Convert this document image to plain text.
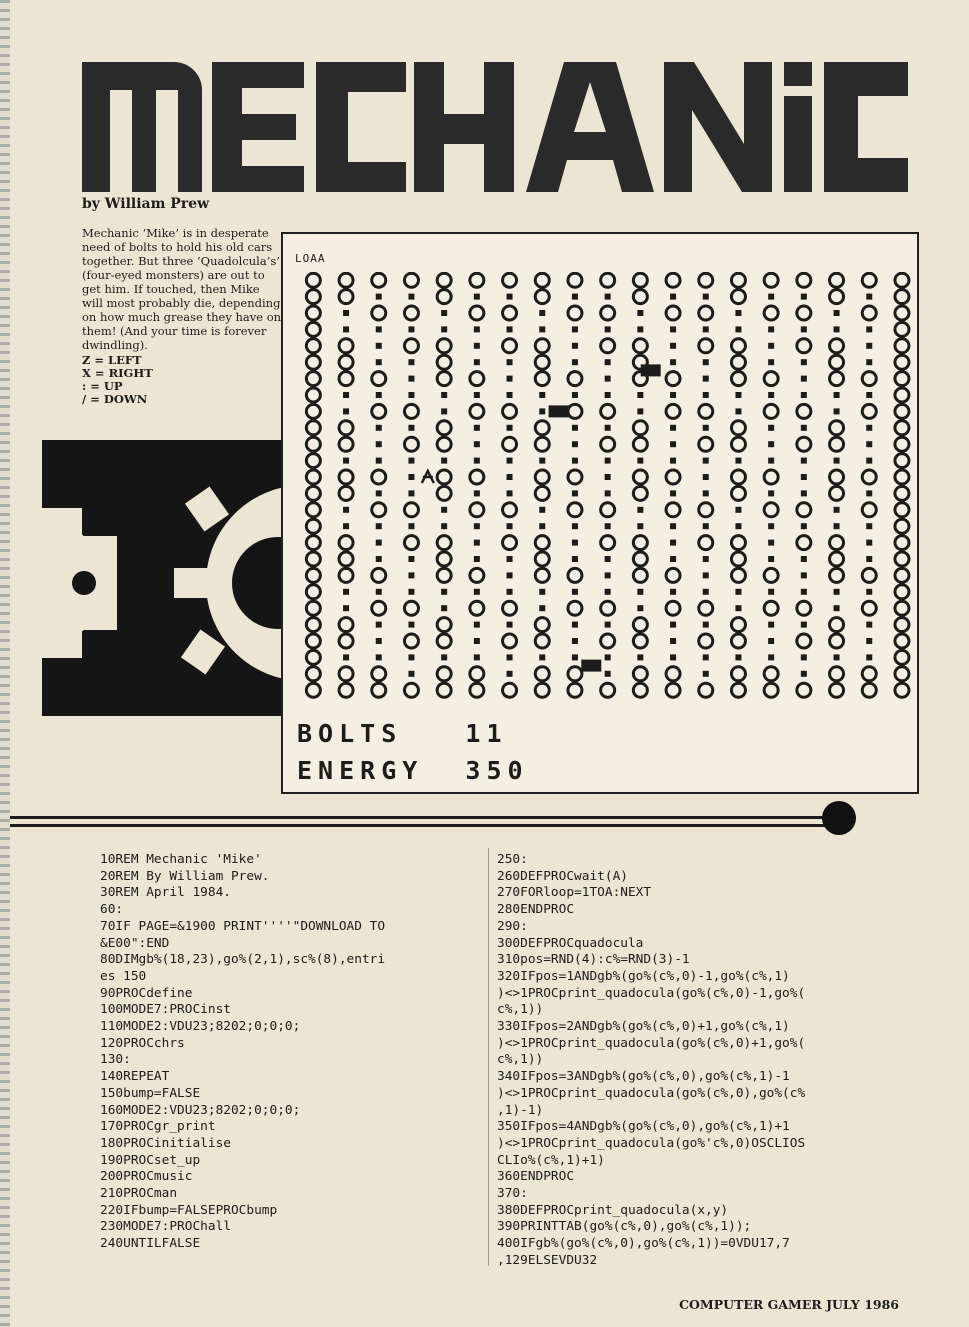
by William Prew

Mechanic ‘Mike’ is in desperate need of bolts to hold his old cars together. But three ‘Quadolcula’s’ (four-eyed monsters) are out to get him. If touched, then Mike will most probably die, depending on how much grease they have on them! (And your time is forever dwindling).

Z = LEFT
X = RIGHT
: = UP
/ = DOWN
LOAA
BOLTS	11
ENERGY 350
10REM Mechanic 'Mike'
20REM By William Prew.
30REM April 1984.
60:
70IF PAGE=&1900 PRINT''''"DOWNLOAD TO
&E00":END
80DIMgb%(18,23),go%(2,1),sc%(8),entri
es 150
90PROCdefine
100MODE7:PROCinst
110MODE2:VDU23;8202;0;0;0;
120PROCchrs
130:
140REPEAT
150bump=FALSE
160MODE2:VDU23;8202;0;0;0;
170PROCgr_print
180PROCinitialise
190PROCset_up
200PROCmusic
210PROCman
220IFbump=FALSEPROCbump
230MODE7:PROChall
240UNTILFALSE
250:
260DEFPROCwait(A)
270FORloop=1TOA:NEXT
280ENDPROC
290:
300DEFPROCquadocula
310pos=RND(4):c%=RND(3)-1
320IFpos=1ANDgb%(go%(c%,0)-1,go%(c%,1)
)<>1PROCprint_quadocula(go%(c%,0)-1,go%(
c%,1))
330IFpos=2ANDgb%(go%(c%,0)+1,go%(c%,1)
)<>1PROCprint_quadocula(go%(c%,0)+1,go%(
c%,1))
340IFpos=3ANDgb%(go%(c%,0),go%(c%,1)-1
)<>1PROCprint_quadocula(go%(c%,0),go%(c%
,1)-1)
350IFpos=4ANDgb%(go%(c%,0),go%(c%,1)+1
)<>1PROCprint_quadocula(go%'c%,0)OSCLIOS
CLIo%(c%,1)+1)
360ENDPROC
370:
380DEFPROCprint_quadocula(x,y)
390PRINTTAB(go%(c%,0),go%(c%,1));
400IFgb%(go%(c%,0),go%(c%,1))=0VDU17,7
,129ELSEVDU32
COMPUTER GAMER JULY 1986
